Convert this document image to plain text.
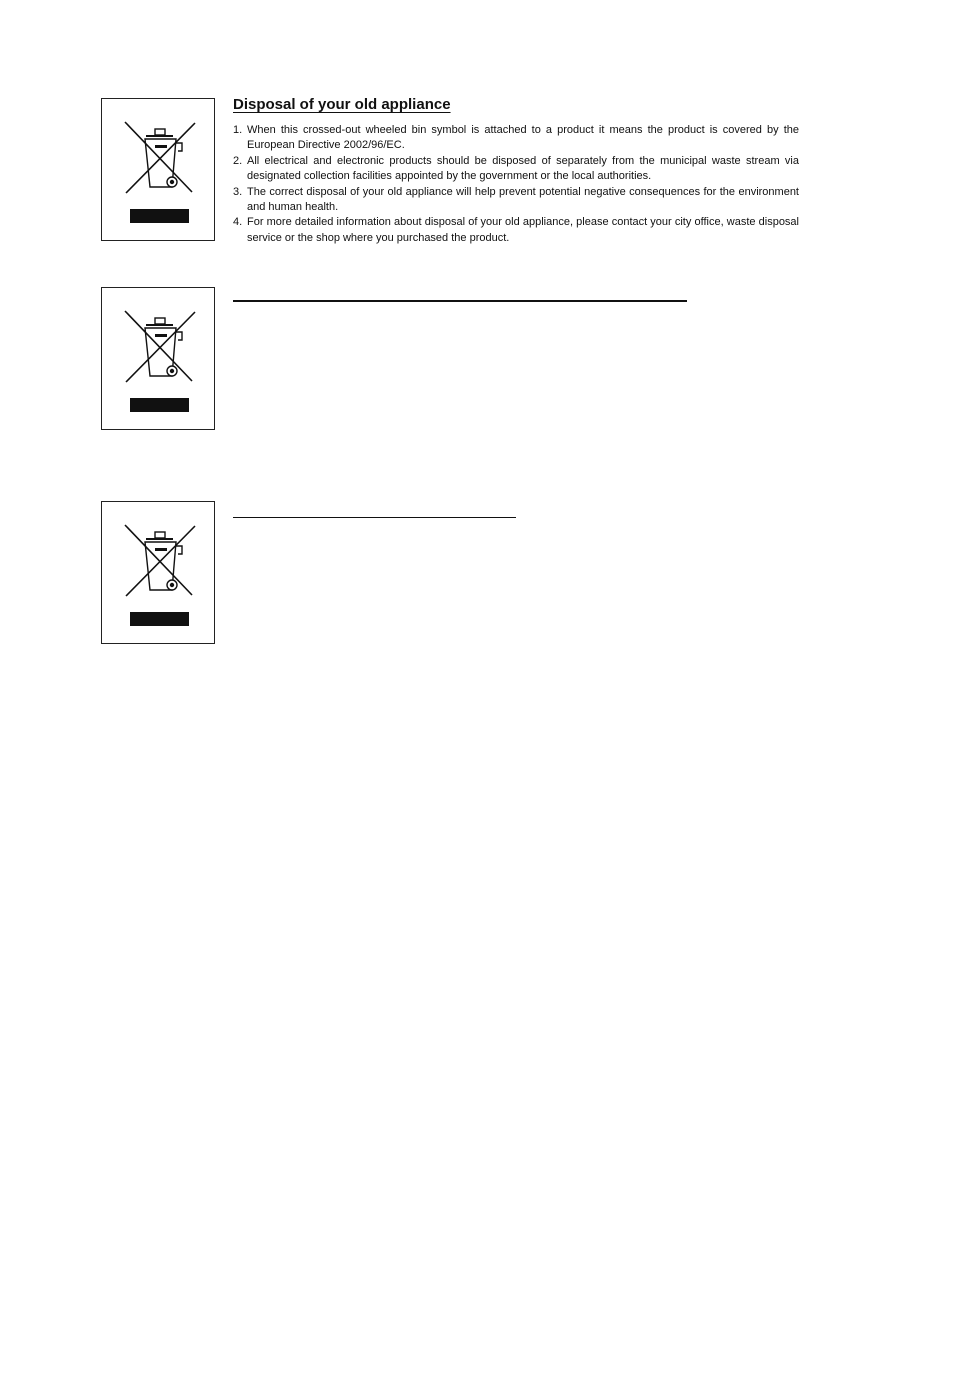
Disposal of your old appliance
1. When this crossed-out wheeled bin symbol is attached to a product it means the product is covered by the European Directive 2002/96/EC.
2. All electrical and electronic products should be disposed of separately from the municipal waste stream via designated collection facilities appointed by the government or the local authorities.
3. The correct disposal of your old appliance will help prevent potential negative consequences for the environment and human health.
4. For more detailed information about disposal of your old appliance, please contact your city office, waste disposal service or the shop where you purchased the product.
